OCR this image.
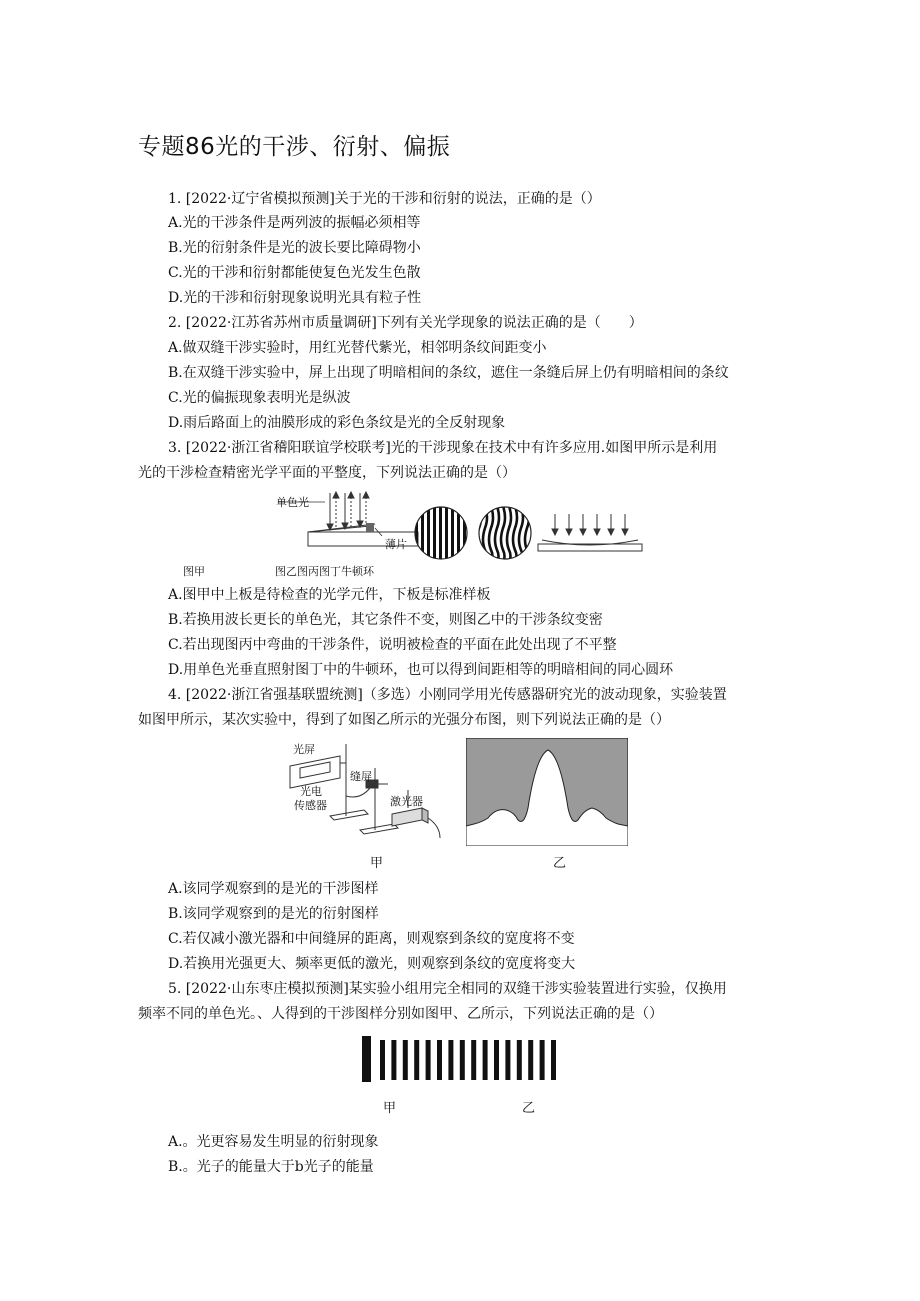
专题86光的干涉、衍射、偏振
1. [2022·辽宁省模拟预测]关于光的干涉和衍射的说法，正确的是（）
A.光的干涉条件是两列波的振幅必须相等
B.光的衍射条件是光的波长要比障碍物小
C.光的干涉和衍射都能使复色光发生色散
D.光的干涉和衍射现象说明光具有粒子性
2. [2022·江苏省苏州市质量调研]下列有关光学现象的说法正确的是（　　）
A.做双缝干涉实验时，用红光替代紫光，相邻明条纹间距变小
B.在双缝干涉实验中，屏上出现了明暗相间的条纹，遮住一条缝后屏上仍有明暗相间的条纹
C.光的偏振现象表明光是纵波
D.雨后路面上的油膜形成的彩色条纹是光的全反射现象
3. [2022·浙江省稽阳联谊学校联考]光的干涉现象在技术中有许多应用.如图甲所示是利用
光的干涉检查精密光学平面的平整度，下列说法正确的是（）
单色光
薄片
图甲	图乙图丙图丁牛顿环
A.图甲中上板是待检查的光学元件，下板是标准样板
B.若换用波长更长的单色光，其它条件不变，则图乙中的干涉条纹变密
C.若出现图丙中弯曲的干涉条件，说明被检查的平面在此处出现了不平整
D.用单色光垂直照射图丁中的牛顿环，也可以得到间距相等的明暗相间的同心圆环
4. [2022·浙江省强基联盟统测]（多选）小刚同学用光传感器研究光的波动现象，实验装置
如图甲所示，某次实验中，得到了如图乙所示的光强分布图，则下列说法正确的是（）
光屏
缝屏
光电
传感器	激光器
甲	乙
A.该同学观察到的是光的干涉图样
B.该同学观察到的是光的衍射图样
C.若仅减小激光器和中间缝屏的距离，则观察到条纹的宽度将不变
D.若换用光强更大、频率更低的激光，则观察到条纹的宽度将变大
5. [2022·山东枣庄模拟预测]某实验小组用完全相同的双缝干涉实验装置进行实验，仅换用
频率不同的单色光。、人得到的干涉图样分别如图甲、乙所示，下列说法正确的是（）
甲	乙
A.。光更容易发生明显的衍射现象
B.。光子的能量大于b光子的能量
